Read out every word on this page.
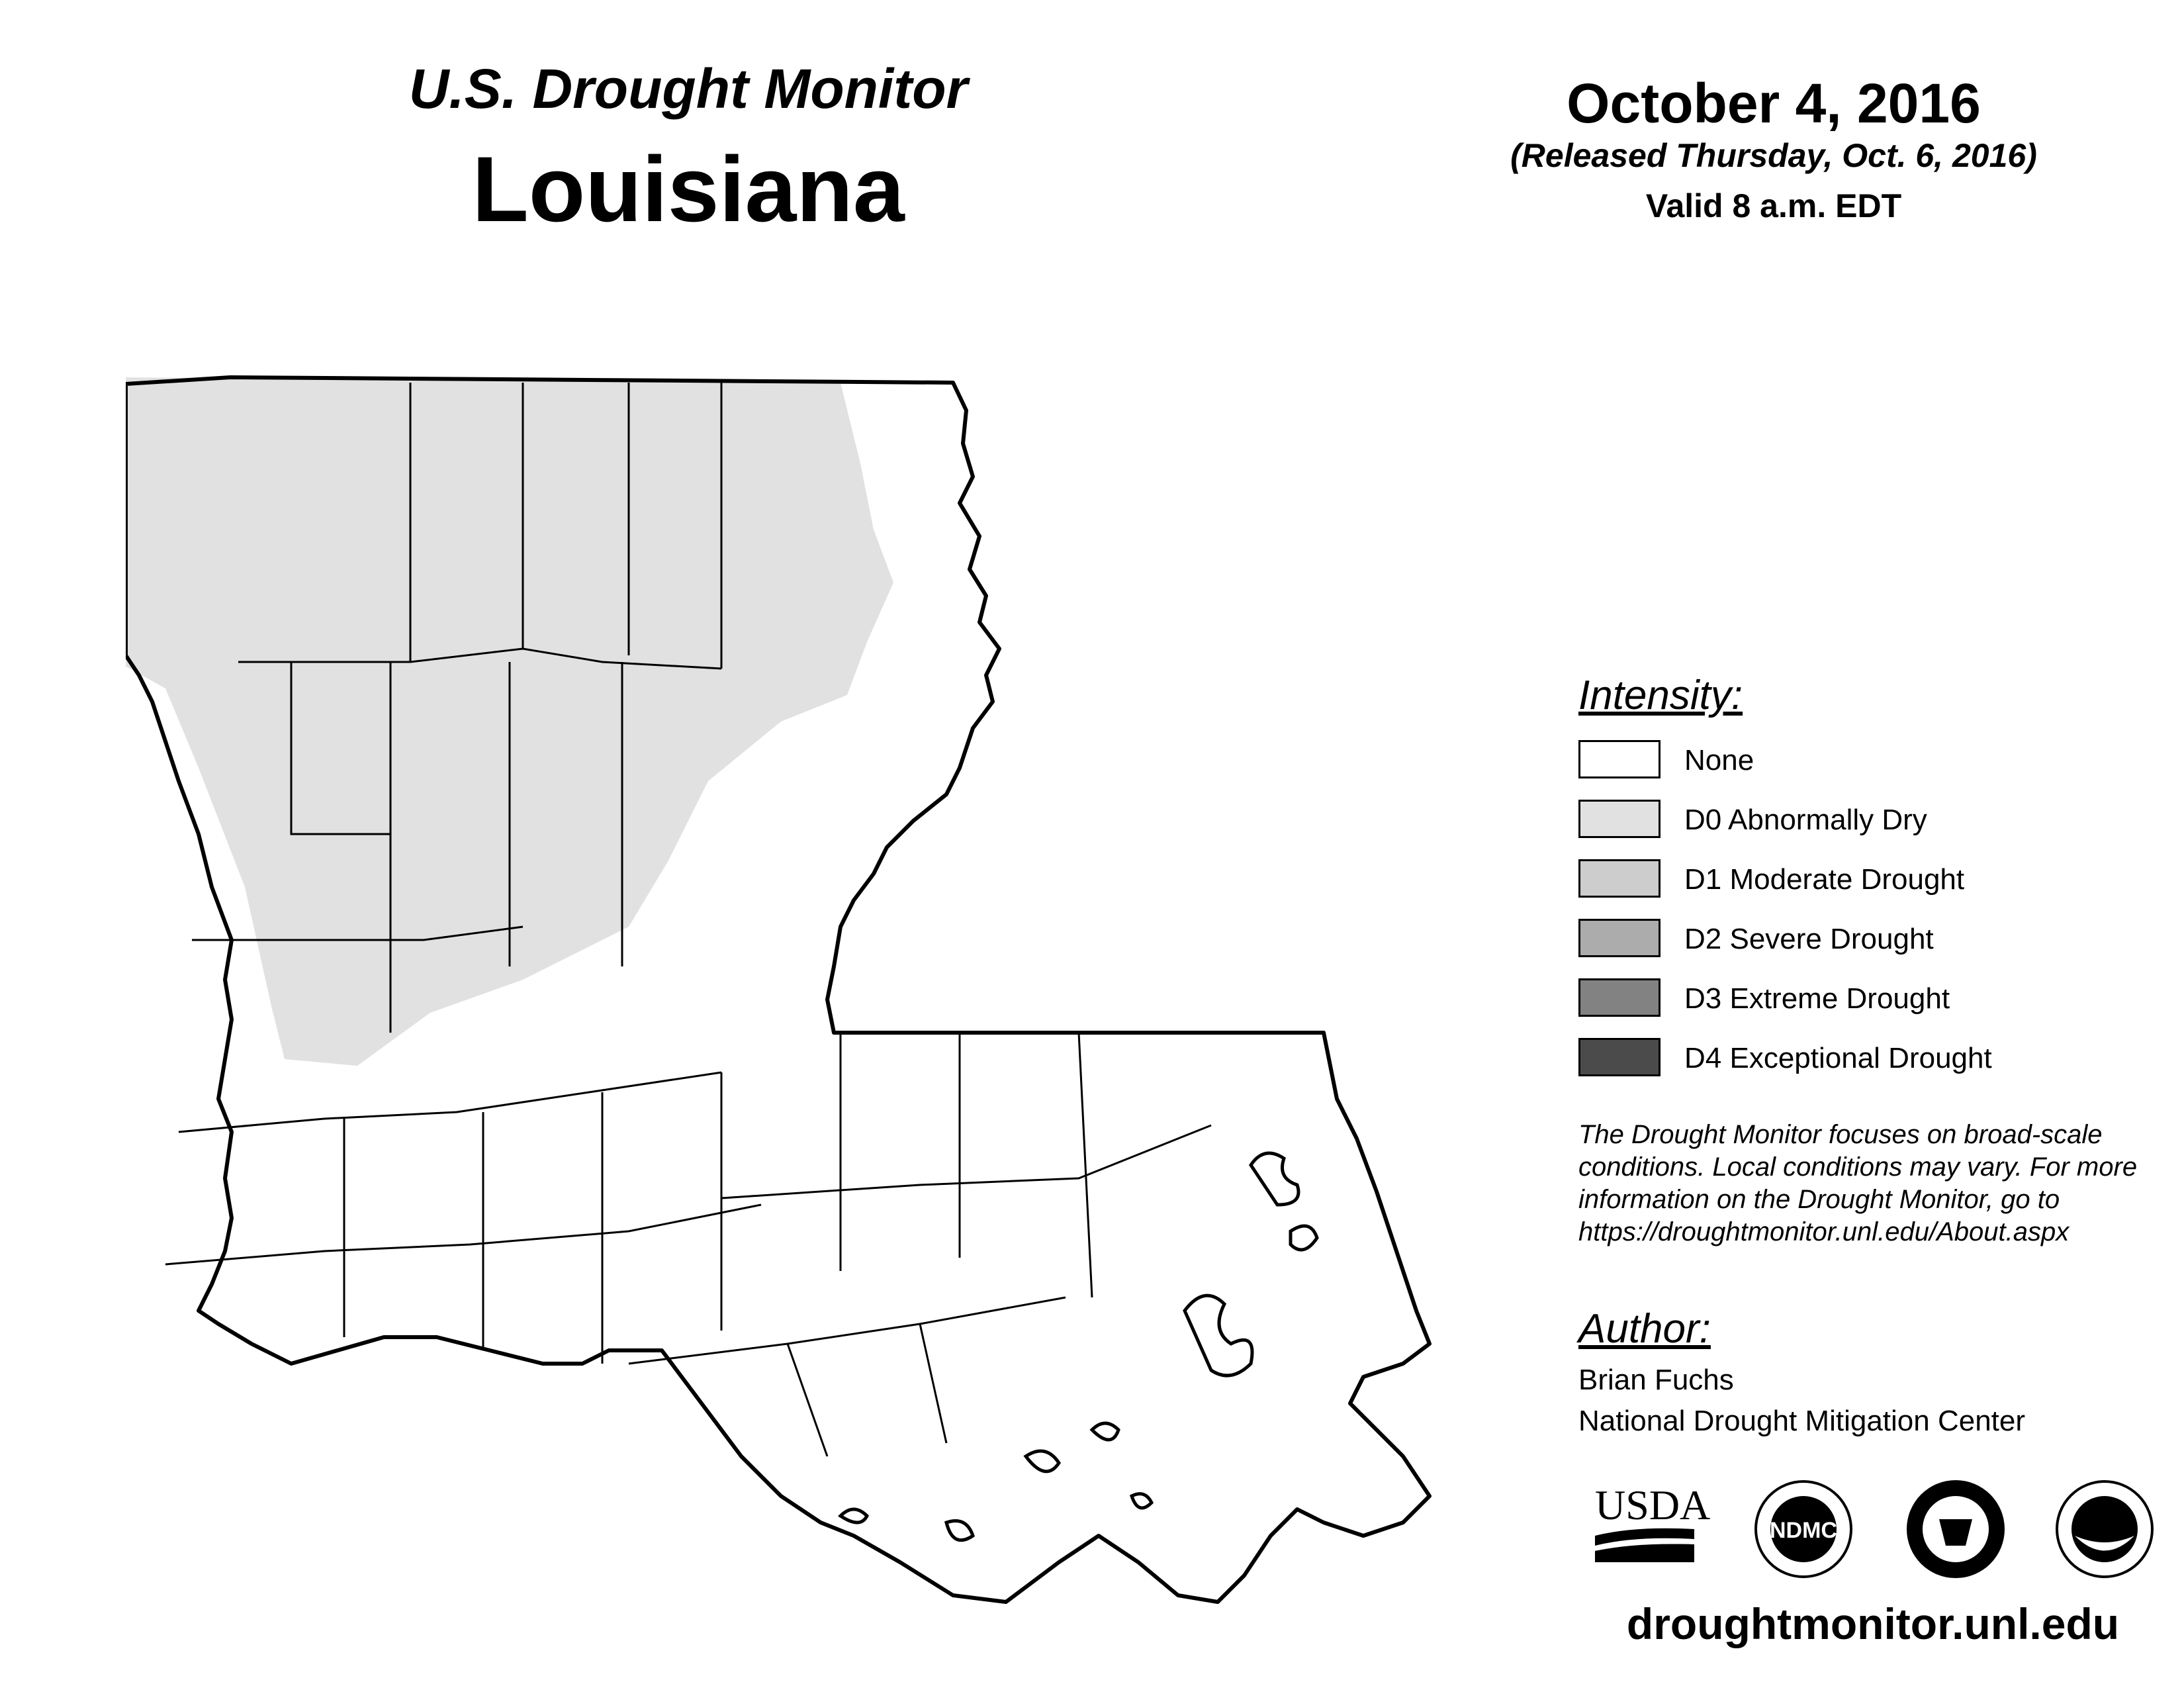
U.S. Drought Monitor
Louisiana
October 4, 2016
(Released Thursday, Oct. 6, 2016)
Valid 8 a.m. EDT
Intensity:
None
D0 Abnormally Dry
D1 Moderate Drought
D2 Severe Drought
D3 Extreme Drought
D4 Exceptional Drought
The Drought Monitor focuses on broad-scale
conditions. Local conditions may vary. For more
information on the Drought Monitor, go to
https://droughtmonitor.unl.edu/About.aspx
Author:
Brian Fuchs
National Drought Mitigation Center
USDA
NDMC
droughtmonitor.unl.edu
